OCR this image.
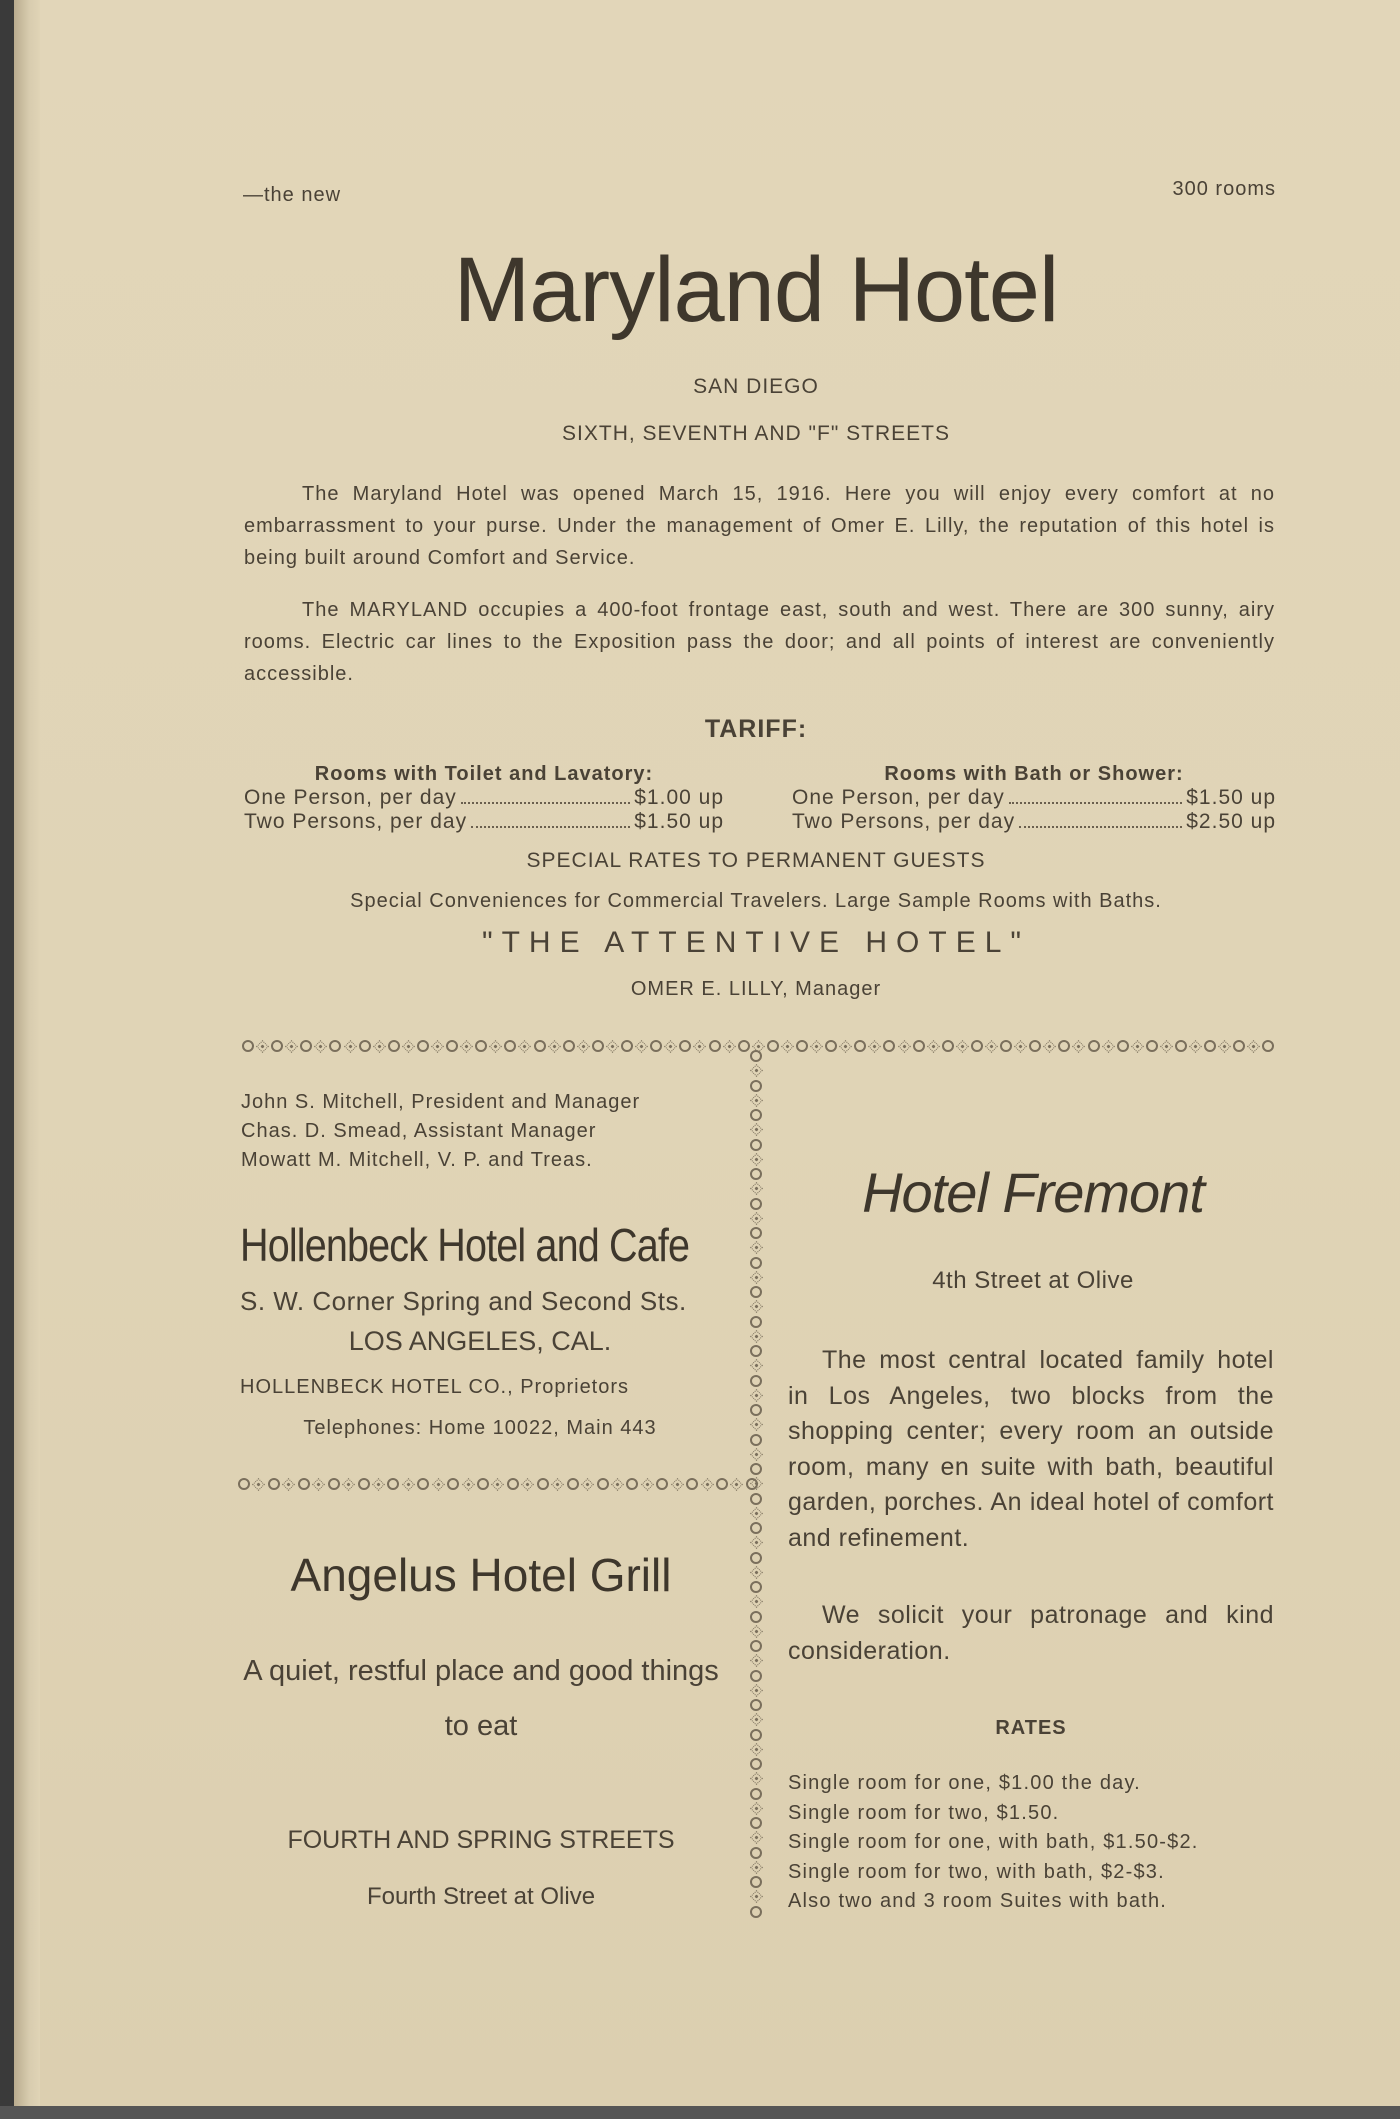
—the new	300 rooms
Maryland Hotel
SAN DIEGO
SIXTH, SEVENTH AND "F" STREETS
The Maryland Hotel was opened March 15, 1916. Here you will enjoy every comfort at no embarrassment to your purse. Under the management of Omer E. Lilly, the reputation of this hotel is being built around Comfort and Service.
The MARYLAND occupies a 400-foot frontage east, south and west. There are 300 sunny, airy rooms. Electric car lines to the Exposition pass the door; and all points of interest are conveniently accessible.
TARIFF:
Rooms with Toilet and Lavatory:
One Person, per day	$1.00 up
Two Persons, per day	$1.50 up
Rooms with Bath or Shower:
One Person, per day	$1.50 up
Two Persons, per day	$2.50 up
SPECIAL RATES TO PERMANENT GUESTS
Special Conveniences for Commercial Travelers. Large Sample Rooms with Baths.
"THE ATTENTIVE HOTEL"
OMER E. LILLY, Manager
John S. Mitchell, President and Manager
Chas. D. Smead, Assistant Manager
Mowatt M. Mitchell, V. P. and Treas.
Hollenbeck Hotel and Cafe
S. W. Corner Spring and Second Sts.
LOS ANGELES, CAL.
HOLLENBECK HOTEL CO., Proprietors
Telephones: Home 10022, Main 443
Angelus Hotel Grill
A quiet, restful place and good things to eat
FOURTH AND SPRING STREETS
Fourth Street at Olive
Hotel Fremont
4th Street at Olive
The most central located family hotel in Los Angeles, two blocks from the shopping center; every room an outside room, many en suite with bath, beautiful garden, porches. An ideal hotel of comfort and refinement.
We solicit your patronage and kind consideration.
RATES
Single room for one, $1.00 the day.
Single room for two, $1.50.
Single room for one, with bath, $1.50-$2.
Single room for two, with bath, $2-$3.
Also two and 3 room Suites with bath.
